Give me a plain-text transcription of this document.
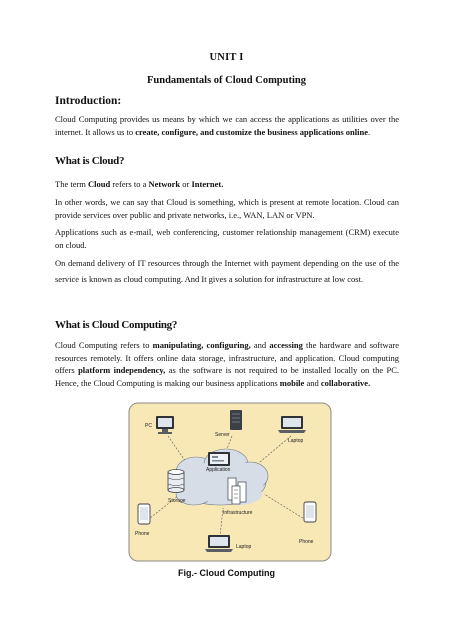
UNIT I
Fundamentals of Cloud Computing
Introduction:
Cloud Computing provides us means by which we can access the applications as utilities over the internet. It allows us to create, configure, and customize the business applications online.
What is Cloud?
The term Cloud refers to a Network or Internet.
In other words, we can say that Cloud is something, which is present at remote location. Cloud can provide services over public and private networks, i.e., WAN, LAN or VPN.
Applications such as e-mail, web conferencing, customer relationship management (CRM) execute on cloud.
On demand delivery of IT resources through the Internet with payment depending on the use of the service is known as cloud computing. And It gives a solution for infrastructure at low cost.
What is Cloud Computing?
Cloud Computing refers to manipulating, configuring, and accessing the hardware and software resources remotely. It offers online data storage, infrastructure, and application. Cloud computing offers platform independency, as the software is not required to be installed locally on the PC. Hence, the Cloud Computing is making our business applications mobile and collaborative.
Server
PC
Laptop
Application
Storage
Infrastructure
Phone
Phone
Laptop
Fig.- Cloud Computing
